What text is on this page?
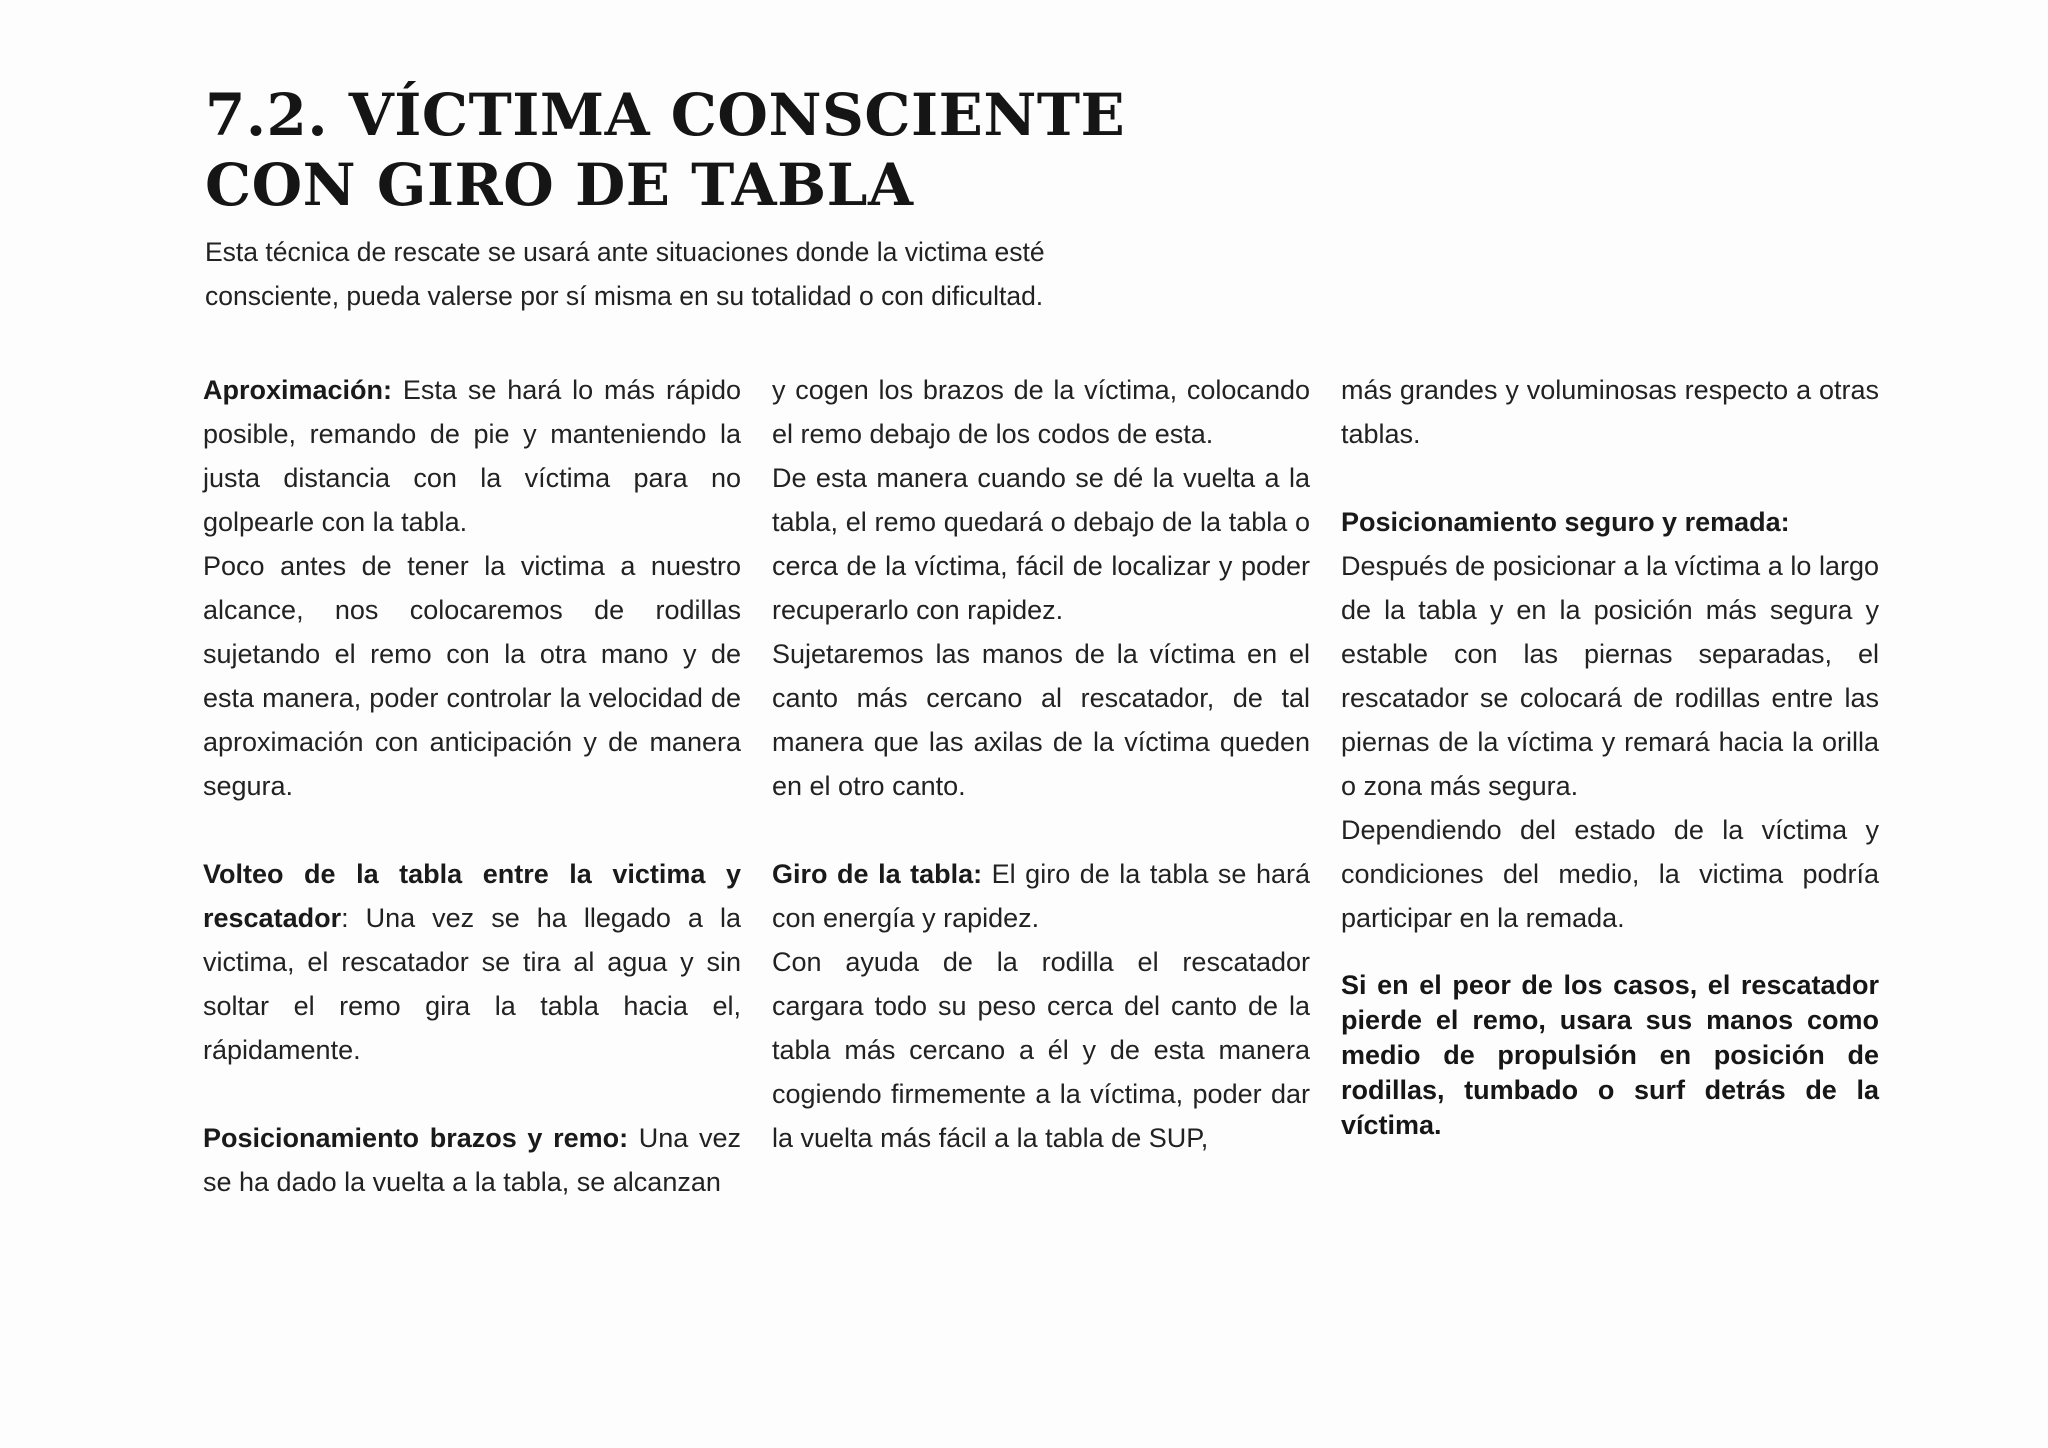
7.2. VÍCTIMA CONSCIENTE
CON GIRO DE TABLA

Esta técnica de rescate se usará ante situaciones donde la victima esté consciente, pueda valerse por sí misma en su totalidad o con dificultad.

Aproximación: Esta se hará lo más rápido posible, remando de pie y manteniendo la justa distancia con la víctima para no golpearle con la tabla.

Poco antes de tener la victima a nuestro alcance, nos colocaremos de rodillas sujetando el remo con la otra mano y de esta manera, poder controlar la velocidad de aproximación con anticipación y de manera segura.

Volteo de la tabla entre la victima y rescatador: Una vez se ha llegado a la victima, el rescatador se tira al agua y sin soltar el remo gira la tabla hacia el, rápidamente.

Posicionamiento brazos y remo: Una vez se ha dado la vuelta a la tabla, se alcanzan

y cogen los brazos de la víctima, colocando el remo debajo de los codos de esta.

De esta manera cuando se dé la vuelta a la tabla, el remo quedará o debajo de la tabla o cerca de la víctima, fácil de localizar y poder recuperarlo con rapidez.

Sujetaremos las manos de la víctima en el canto más cercano al rescatador, de tal manera que las axilas de la víctima queden en el otro canto.

Giro de la tabla: El giro de la tabla se hará con energía y rapidez.

Con ayuda de la rodilla el rescatador cargara todo su peso cerca del canto de la tabla más cercano a él y de esta manera cogiendo firmemente a la víctima, poder dar la vuelta más fácil a la tabla de SUP,

más grandes y voluminosas respecto a otras tablas.

Posicionamiento seguro y remada:

Después de posicionar a la víctima a lo largo de la tabla y en la posición más segura y estable con las piernas separadas, el rescatador se colocará de rodillas entre las piernas de la víctima y remará hacia la orilla o zona más segura.

Dependiendo del estado de la víctima y condiciones del medio, la victima podría participar en la remada.

Si en el peor de los casos, el rescatador pierde el remo, usara sus manos como medio de propulsión en posición de rodillas, tumbado o surf detrás de la víctima.
